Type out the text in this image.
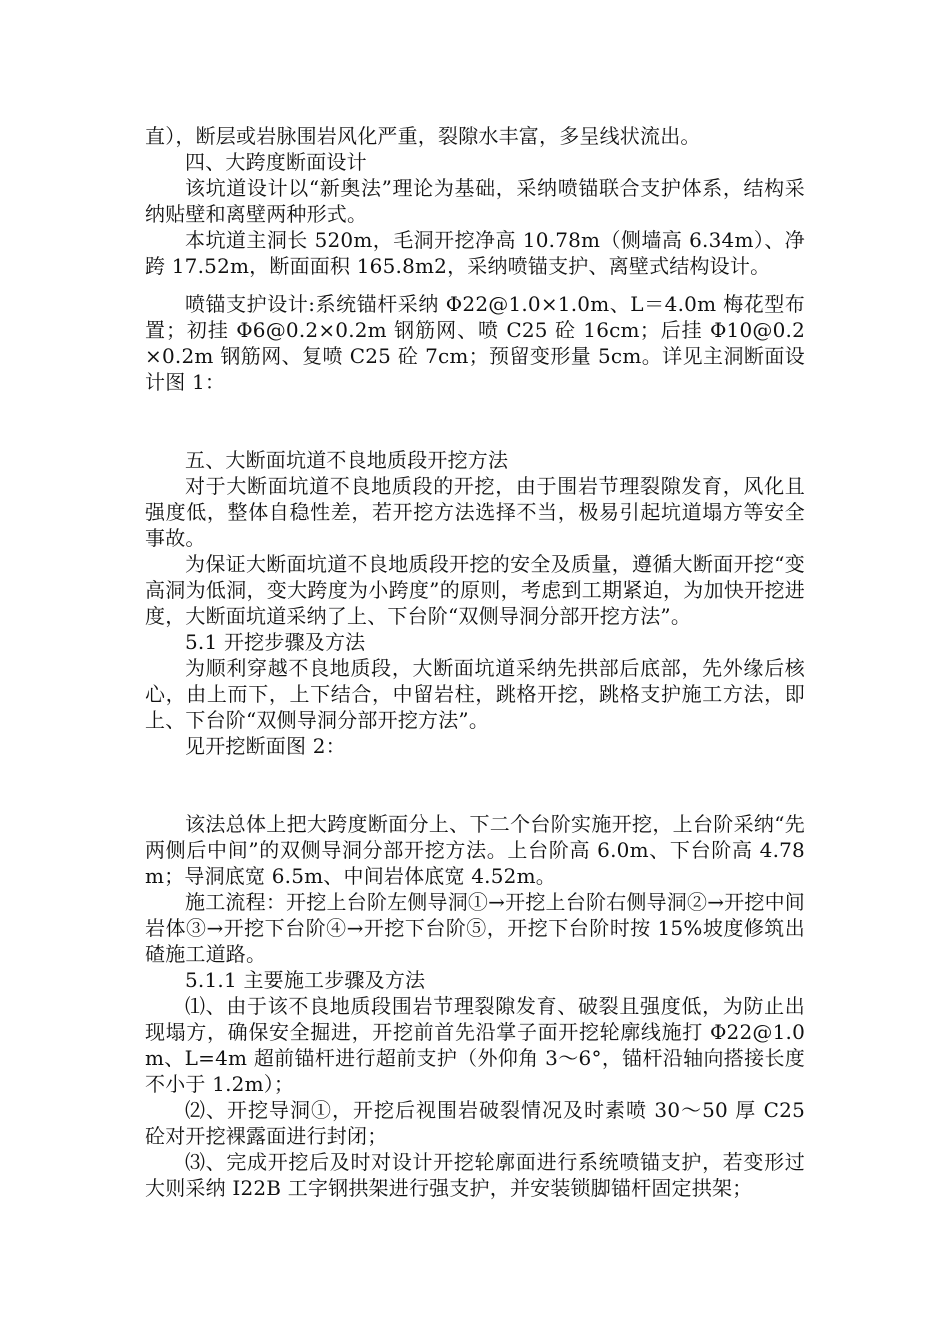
直），断层或岩脉围岩风化严重，裂隙水丰富，多呈线状流出。

四、大跨度断面设计

该坑道设计以“新奥法”理论为基础，采纳喷锚联合支护体系，结构采纳贴壁和离壁两种形式。

本坑道主洞长 520m，毛洞开挖净高 10.78m（侧墙高 6.34m）、净跨 17.52m，断面面积 165.8m2，采纳喷锚支护、离壁式结构设计。

喷锚支护设计:系统锚杆采纳 Φ22@1.0×1.0m、L＝4.0m 梅花型布置；初挂 Φ6@0.2×0.2m 钢筋网、喷 C25 砼 16cm；后挂 Φ10@0.2×0.2m 钢筋网、复喷 C25 砼 7cm；预留变形量 5cm。详见主洞断面设计图 1：

五、大断面坑道不良地质段开挖方法

对于大断面坑道不良地质段的开挖，由于围岩节理裂隙发育，风化且强度低，整体自稳性差，若开挖方法选择不当，极易引起坑道塌方等安全事故。

为保证大断面坑道不良地质段开挖的安全及质量，遵循大断面开挖“变高洞为低洞，变大跨度为小跨度”的原则，考虑到工期紧迫，为加快开挖进度，大断面坑道采纳了上、下台阶“双侧导洞分部开挖方法”。

5.1 开挖步骤及方法

为顺利穿越不良地质段，大断面坑道采纳先拱部后底部，先外缘后核心，由上而下，上下结合，中留岩柱，跳格开挖，跳格支护施工方法，即上、下台阶“双侧导洞分部开挖方法”。

见开挖断面图 2：

该法总体上把大跨度断面分上、下二个台阶实施开挖，上台阶采纳“先两侧后中间”的双侧导洞分部开挖方法。上台阶高 6.0m、下台阶高 4.78m；导洞底宽 6.5m、中间岩体底宽 4.52m。

施工流程：开挖上台阶左侧导洞①→开挖上台阶右侧导洞②→开挖中间岩体③→开挖下台阶④→开挖下台阶⑤，开挖下台阶时按 15%坡度修筑出碴施工道路。

5.1.1 主要施工步骤及方法

⑴、由于该不良地质段围岩节理裂隙发育、破裂且强度低，为防止出现塌方，确保安全掘进，开挖前首先沿掌子面开挖轮廓线施打 Φ22@1.0m、L=4m 超前锚杆进行超前支护（外仰角 3～6°，锚杆沿轴向搭接长度不小于 1.2m）；

⑵、开挖导洞①，开挖后视围岩破裂情况及时素喷 30～50 厚 C25 砼对开挖裸露面进行封闭；

⑶、完成开挖后及时对设计开挖轮廓面进行系统喷锚支护，若变形过大则采纳 I22B 工字钢拱架进行强支护，并安装锁脚锚杆固定拱架；
